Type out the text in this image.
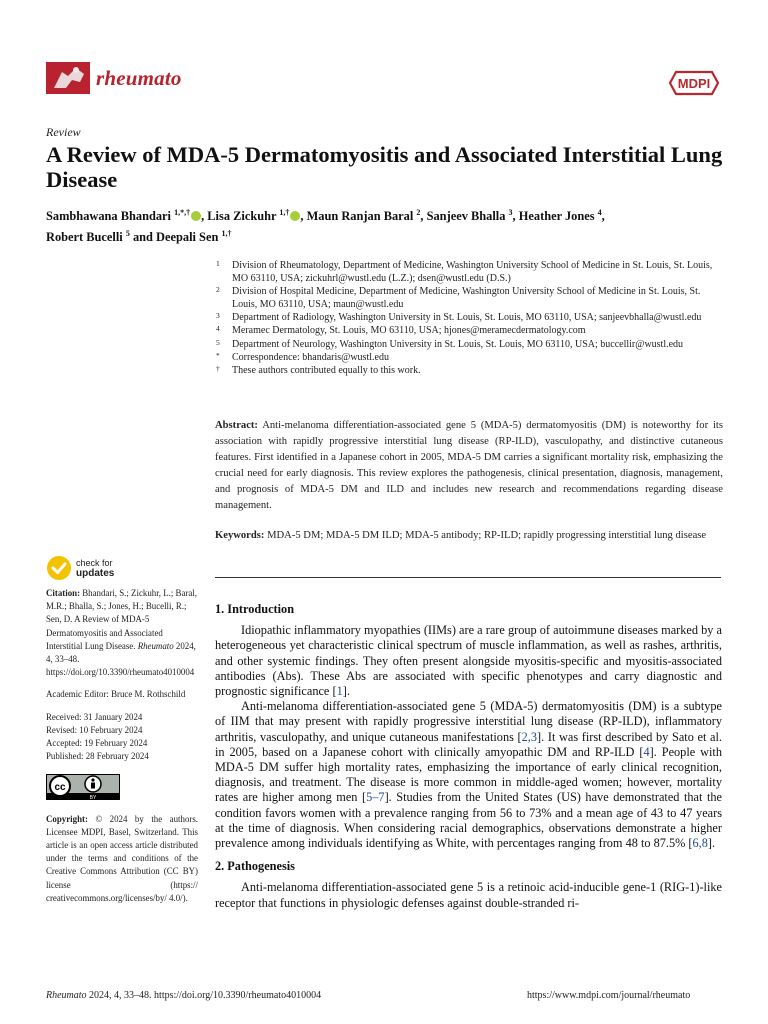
rheumato	MDPI
Review
A Review of MDA-5 Dermatomyositis and Associated Interstitial Lung Disease
Sambhawana Bhandari $^{1,*,\dagger}$ , Lisa Zickuhr $^{1,\dagger}$ , Maun Ranjan Baral $^2$, Sanjeev Bhalla $^3$, Heather Jones $^4$,
Robert Bucelli $^5$ and Deepali Sen $^{1,\dagger}$
1 Division of Rheumatology, Department of Medicine, Washington University School of Medicine in St. Louis, St. Louis, MO 63110, USA; zickuhrl@wustl.edu (L.Z.); dsen@wustl.edu (D.S.)
2 Division of Hospital Medicine, Department of Medicine, Washington University School of Medicine in St. Louis, St. Louis, MO 63110, USA; maun@wustl.edu
3 Department of Radiology, Washington University in St. Louis, St. Louis, MO 63110, USA; sanjeevbhalla@wustl.edu
4 Meramec Dermatology, St. Louis, MO 63110, USA; hjones@meramecdermatology.com
5 Department of Neurology, Washington University in St. Louis, St. Louis, MO 63110, USA; buccellir@wustl.edu
* Correspondence: bhandaris@wustl.edu
† These authors contributed equally to this work.
Abstract: Anti-melanoma differentiation-associated gene 5 (MDA-5) dermatomyositis (DM) is noteworthy for its association with rapidly progressive interstitial lung disease (RP-ILD), vasculopathy, and distinctive cutaneous features. First identified in a Japanese cohort in 2005, MDA-5 DM carries a significant mortality risk, emphasizing the crucial need for early diagnosis. This review explores the pathogenesis, clinical presentation, diagnosis, management, and prognosis of MDA-5 DM and ILD and includes new research and recommendations regarding disease management.
Keywords: MDA-5 DM; MDA-5 DM ILD; MDA-5 antibody; RP-ILD; rapidly progressing interstitial lung disease
check for
updates
Citation: Bhandari, S.; Zickuhr, L.; Baral, M.R.; Bhalla, S.; Jones, H.; Bucelli, R.; Sen, D. A Review of MDA-5 Dermatomyositis and Associated Interstitial Lung Disease. Rheumato 2024, 4, 33–48. https://doi.org/10.3390/rheumato4010004
Academic Editor: Bruce M. Rothschild
Received: 31 January 2024
Revised: 10 February 2024
Accepted: 19 February 2024
Published: 28 February 2024
cc
BY
Copyright: © 2024 by the authors. Licensee MDPI, Basel, Switzerland. This article is an open access article distributed under the terms and conditions of the Creative Commons Attribution (CC BY) license (https:// creativecommons.org/licenses/by/ 4.0/).
1. Introduction

Idiopathic inflammatory myopathies (IIMs) are a rare group of autoimmune diseases marked by a heterogeneous yet characteristic clinical spectrum of muscle inflammation, as well as rashes, arthritis, and other systemic findings. They often present alongside myositis-specific and myositis-associated antibodies (Abs). These Abs are associated with specific phenotypes and carry diagnostic and prognostic significance [1].

Anti-melanoma differentiation-associated gene 5 (MDA-5) dermatomyositis (DM) is a subtype of IIM that may present with rapidly progressive interstitial lung disease (RP-ILD), inflammatory arthritis, vasculopathy, and unique cutaneous manifestations [2,3]. It was first described by Sato et al. in 2005, based on a Japanese cohort with clinically amyopathic DM and RP-ILD [4]. People with MDA-5 DM suffer high mortality rates, emphasizing the importance of early clinical recognition, diagnosis, and treatment. The disease is more common in middle-aged women; however, mortality rates are higher among men [5–7]. Studies from the United States (US) have demonstrated that the condition favors women with a prevalence ranging from 56 to 73% and a mean age of 43 to 47 years at the time of diagnosis. When considering racial demographics, observations demonstrate a higher prevalence among individuals identifying as White, with percentages ranging from 48 to 87.5% [6,8].

2. Pathogenesis

Anti-melanoma differentiation-associated gene 5 is a retinoic acid-inducible gene-1 (RIG-1)-like receptor that functions in physiologic defenses against double-stranded ri-

Rheumato 2024, 4, 33–48. https://doi.org/10.3390/rheumato4010004	https://www.mdpi.com/journal/rheumato
